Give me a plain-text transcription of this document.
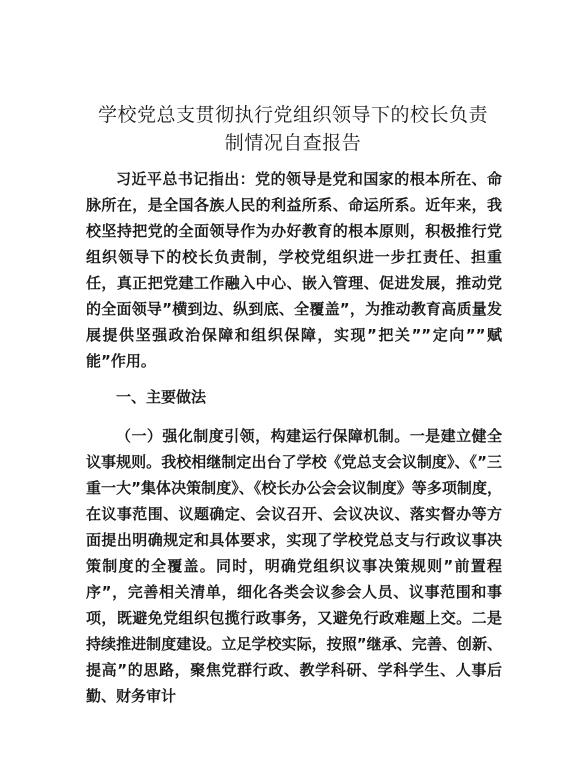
学校党总支贯彻执行党组织领导下的校长负责
制情况自查报告

习近平总书记指出：党的领导是党和国家的根本所在、命脉所在，是全国各族人民的利益所系、命运所系。近年来，我校坚持把党的全面领导作为办好教育的根本原则，积极推行党组织领导下的校长负责制，学校党组织进一步扛责任、担重任，真正把党建工作融入中心、嵌入管理、促进发展，推动党的全面领导”横到边、纵到底、全覆盖”，为推动教育高质量发展提供坚强政治保障和组织保障，实现”把关””定向””赋能”作用。

一、主要做法

（一）强化制度引领，构建运行保障机制。一是建立健全议事规则。我校相继制定出台了学校《党总支会议制度》、《”三重一大”集体决策制度》、《校长办公会会议制度》等多项制度，在议事范围、议题确定、会议召开、会议决议、落实督办等方面提出明确规定和具体要求，实现了学校党总支与行政议事决策制度的全覆盖。同时，明确党组织议事决策规则”前置程序”，完善相关清单，细化各类会议参会人员、议事范围和事项，既避免党组织包揽行政事务，又避免行政难题上交。二是持续推进制度建设。立足学校实际，按照”继承、完善、创新、提高”的思路，聚焦党群行政、教学科研、学科学生、人事后勤、财务审计
